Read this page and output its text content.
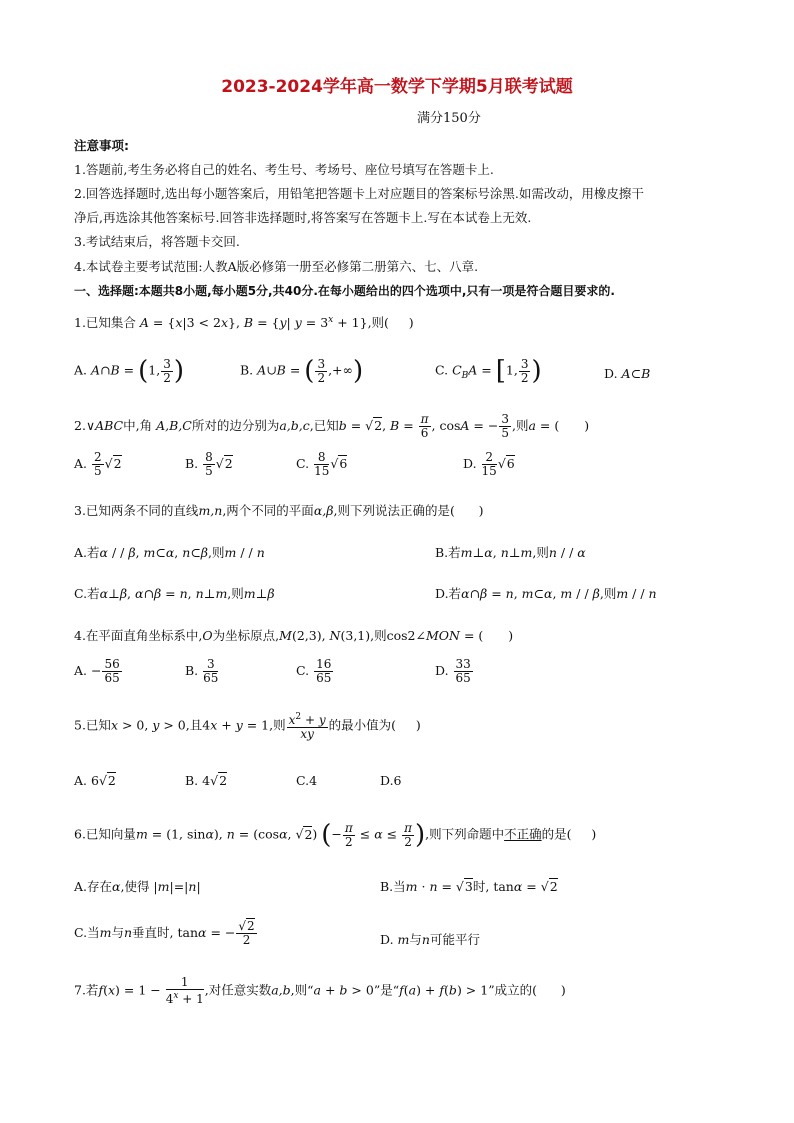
2023-2024学年高一数学下学期5月联考试题
满分150分
注意事项:
1.答题前,考生务必将自己的姓名、考生号、考场号、座位号填写在答题卡上.
2.回答选择题时,选出每小题答案后，用铅笔把答题卡上对应题目的答案标号涂黑.如需改动，用橡皮擦干
净后,再选涂其他答案标号.回答非选择题时,将答案写在答题卡上.写在本试卷上无效.
3.考试结束后，将答题卡交回.
4.本试卷主要考试范围:人教A版必修第一册至必修第二册第六、七、八章.
一、选择题:本题共8小题,每小题5分,共40分.在每小题给出的四个选项中,只有一项是符合题目要求的.
1.已知集合 A = {x|3 < 2x}, B = {y| $y = 3^x + 1$},则( )
A. A∩B = (1, $\frac{3}{2}$ )	B. A∪B = ( $\frac{3}{2}$ ,+∞)	C. $C_BA = [1$, $\frac{3}{2}$ )	D. A⊂B
2.∨ABC中,角 A,B,C所对的边分别为a,b,c,已知b = √2, $B = \frac{\pi}{6}$ , cosA = − $\frac{3}{5}$ ,则a = (　　)
A. $\frac{2}{5} √2$	B. $\frac{8}{5} √2$	C. $\frac{8}{15} √6$	D. $\frac{2}{15} √6$
3.已知两条不同的直线m,n,两个不同的平面α,β,则下列说法正确的是( )
A.若α / / β, m⊂α, n⊂β,则m / / n	B.若m⊥α, n⊥m,则n / / α
C.若α⊥β, α∩β = n, n⊥m,则m⊥β	D.若α∩β = n, m⊂α, m / / β,则m / / n
4.在平面直角坐标系中,O为坐标原点,M(2,3), N(3,1),则cos2∠MON = (　　)
A. − $\frac{56}{65}$	B. $\frac{3}{65}$	C. $\frac{16}{65}$	D. $\frac{33}{65}$
5.已知x > 0, y > 0,且4x + y = 1,则 $\frac{x^2 + y}{xy}$ 的最小值为( )
A. 6√2	B. 4√2	C.4	D.6
6.已知向量m = (1, sinα), n = (cosα, √2) (− $\frac{\pi}{2} \le \alpha \le \frac{\pi}{2}$ ),则下列命题中不正确的是( )
A.存在α,使得 |m|=|n|	B.当m · n = √3时, tanα = √2
C.当m与n垂直时, tanα = − $\frac{√2}{2}$	D. m与n可能平行
7.若$f(x) = 1 - \frac{1}{4^x + 1}$ ,对任意实数a,b,则“a + b > 0”是“f(a) + f(b) > 1”成立的( )
